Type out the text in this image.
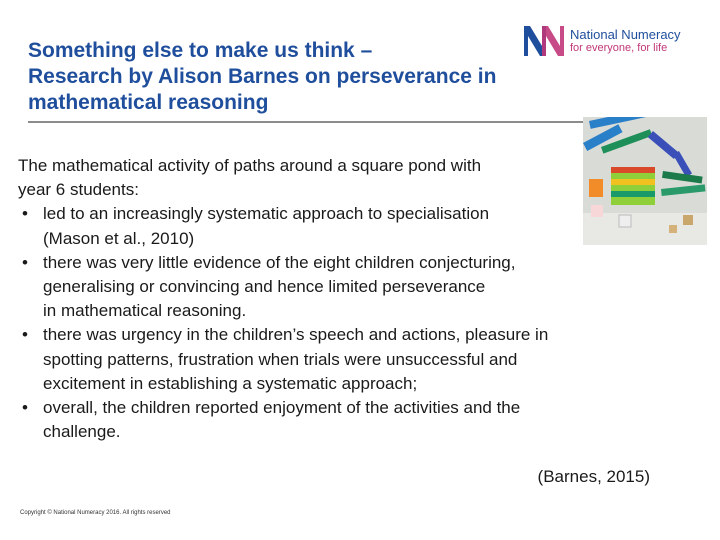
Something else to make us think –
Research by Alison Barnes on perseverance in
mathematical reasoning
National Numeracy
for everyone, for life
The mathematical activity of paths around a square pond with
year 6 students:
• led to an increasingly systematic approach to specialisation
(Mason et al., 2010)
• there was very little evidence of the eight children conjecturing,
generalising or convincing and hence limited perseverance
in mathematical reasoning.
• there was urgency in the children’s speech and actions, pleasure in
spotting patterns, frustration when trials were unsuccessful and
excitement in establishing a systematic approach;
• overall, the children reported enjoyment of the activities and the
challenge.
(Barnes, 2015)
Copyright © National Numeracy 2016. All rights reserved
